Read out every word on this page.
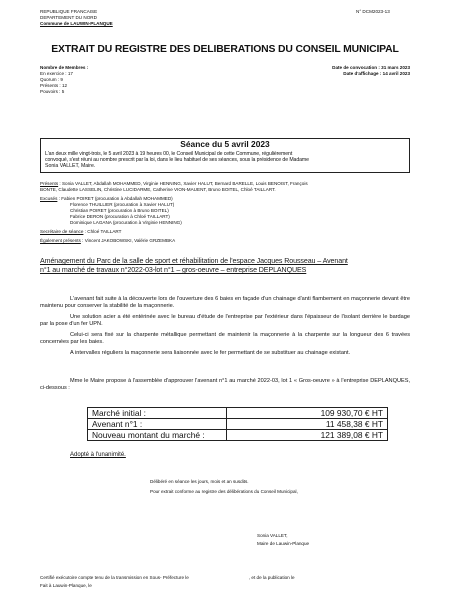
REPUBLIQUE FRANCAISE
DEPARTEMENT DU NORD
Commune de LAUWIN-PLANQUE
N° DCM2023-13
EXTRAIT DU REGISTRE DES DELIBERATIONS DU CONSEIL MUNICIPAL
Nombre de Membres :
En exercice : 17
Quorum : 9
Présents : 12
Pouvoirs : 5
Date de convocation : 31 mars 2023
Date d'affichage : 14 avril 2023
Séance du 5 avril 2023
L'an deux mille vingt-trois, le 5 avril 2023 à 19 heures 00, le Conseil Municipal de cette Commune, régulièrement
convoqué, s'est réuni au nombre prescrit par la loi, dans le lieu habituel de ses séances, sous la présidence de Madame
Sonia VALLET, Maire.
Présents : Sonia VALLET, Abdallah MOHAMMED, Virginie HENNING, Xavier HALUT, Bernard BARELLE, Louis BENOIST, François
BONTE, Claudette LASSELIN, Christine LUCIDARME, Catherine VION-MAUENT, Bruno BOITEL, Chloé TAILLART.
Excusés : Fabien POIRET (procuration à Abdallah MOHAMMED)
Florence THUILLIER (procuration à Xavier HALUT)
Christian POIRET (procuration à Bruno BOITEL)
Fabrice DERON (procuration à Chloé TAILLART)
Dominique LAGANA (procuration à Virginie HENNING)
Secrétaire de séance : Chloé TAILLART
Également présents : Vincent JAKOBOWSKI, Valérie GRZEMBKA
Aménagement du Parc de la salle de sport et réhabilitation de l'espace Jacques Rousseau – Avenant
n°1 au marché de travaux n°2022-03-lot n°1 – gros-oeuvre – entreprise DEPLANQUES
L'avenant fait suite à la découverte lors de l'ouverture des 6 baies en façade d'un chainage d'anti flambement en maçonnerie devant être maintenu pour conserver la stabilité de la maçonnerie.
Une solution acier a été entérinée avec le bureau d'étude de l'entreprise par l'extérieur dans l'épaisseur de l'isolant derrière le bardage par la pose d'un fer UPN.
Celui-ci sera fixé sur la charpente métallique permettant de maintenir la maçonnerie à la charpente sur la longueur des 6 travées concernées par les baies.
A intervalles réguliers la maçonnerie sera liaisonnée avec le fer permettant de se substituer au chainage existant.
Mme le Maire propose à l'assemblée d'approuver l'avenant n°1 au marché 2022-03, lot 1 « Gros-oeuvre » à l'entreprise DEPLANQUES, ci-dessous :
Marché initial :	109 930,70 € HT
Avenant n°1 :	11 458,38 € HT
Nouveau montant du marché :	121 389,08 € HT
Adopté à l'unanimité.
Délibéré en séance les jours, mois et an susdits.
Pour extrait conforme au registre des délibérations du Conseil Municipal,
Sonia VALLET,
Maire de Lauwin-Planque
Certifié exécutoire compte tenu de la transmission en Sous- Préfecture le	, et de la publication le
Fait à Lauwin-Planque, le
